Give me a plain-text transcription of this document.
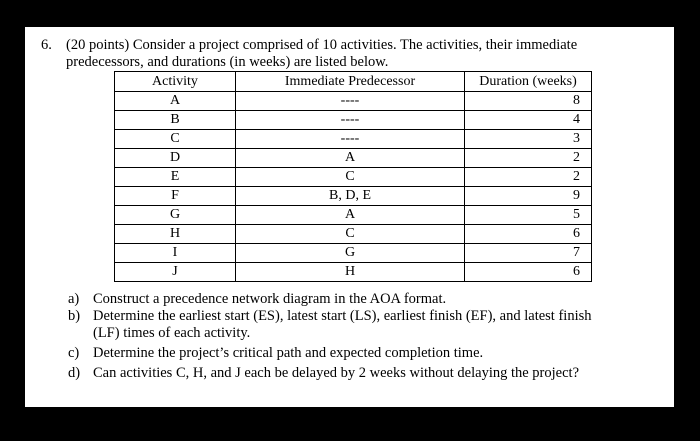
6. (20 points) Consider a project comprised of 10 activities. The activities, their immediate
predecessors, and durations (in weeks) are listed below.
Activity	Immediate Predecessor	Duration (weeks)
A	----	8
B	----	4
C	----	3
D	A	2
E	C	2
F	B, D, E	9
G	A	5
H	C	6
I	G	7
J	H	6
a) Construct a precedence network diagram in the AOA format.
b) Determine the earliest start (ES), latest start (LS), earliest finish (EF), and latest finish
(LF) times of each activity.
c) Determine the project’s critical path and expected completion time.
d) Can activities C, H, and J each be delayed by 2 weeks without delaying the project?
